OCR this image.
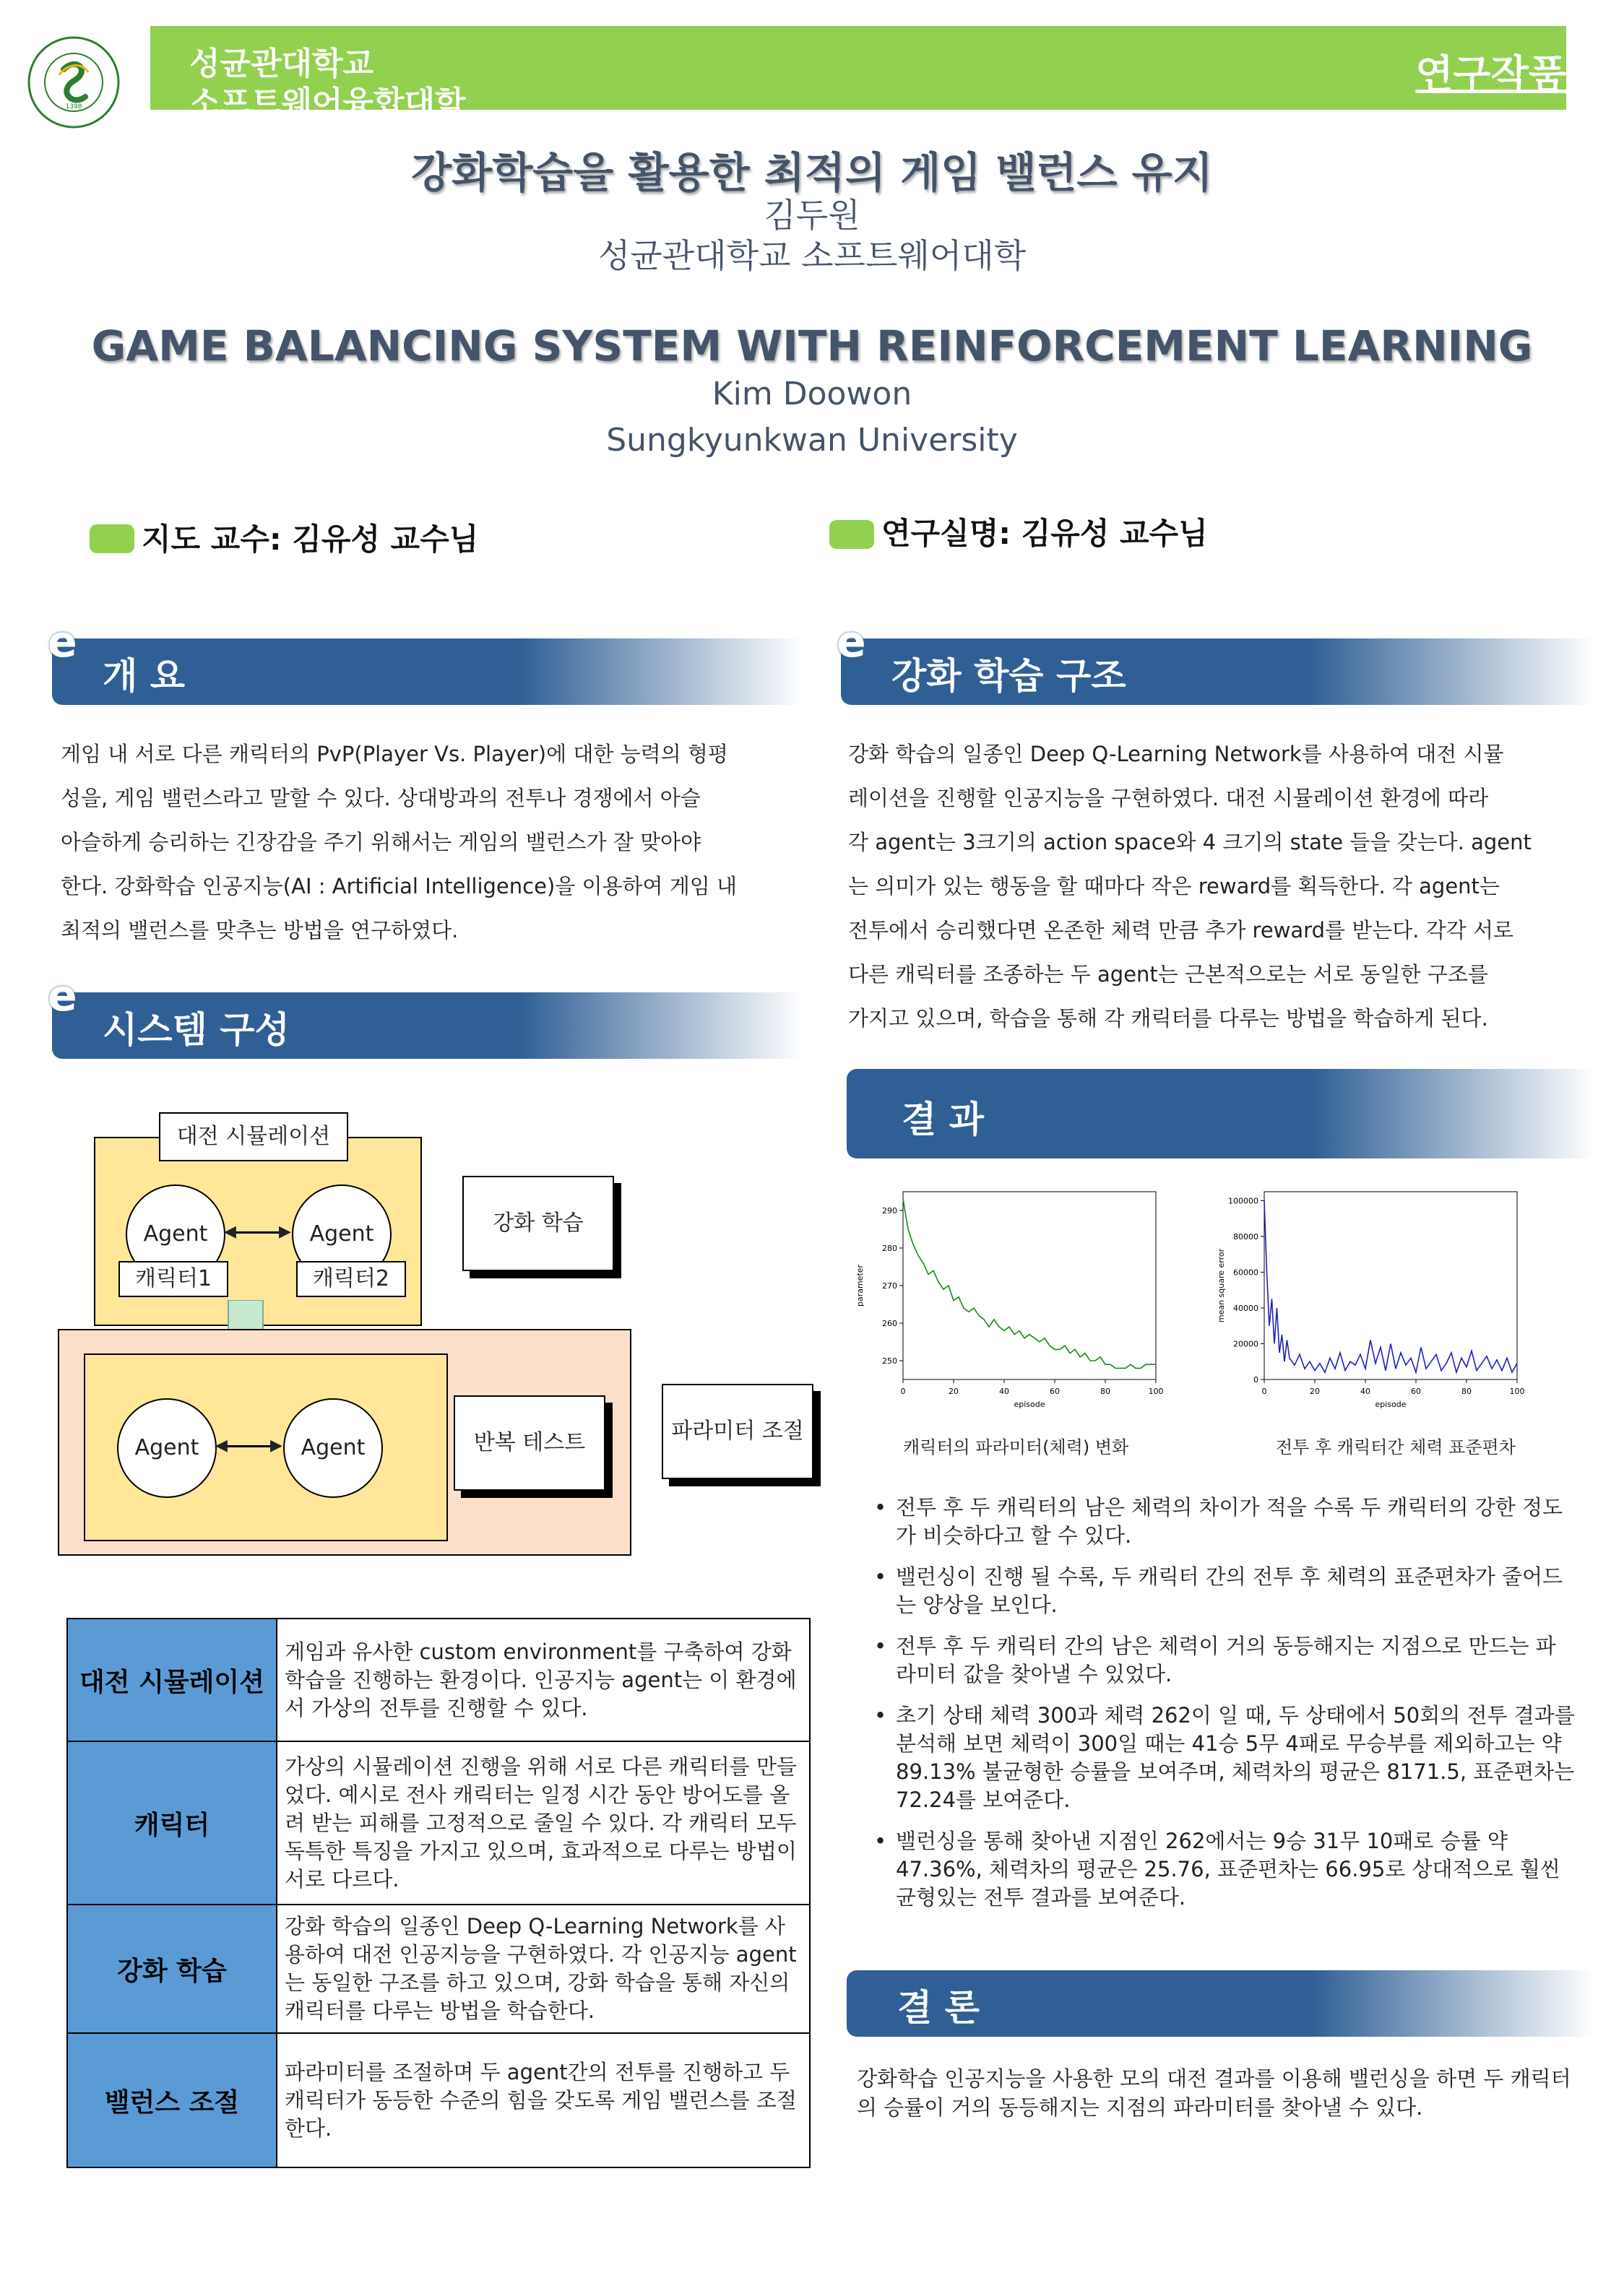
성균관대학교
소프트웨어융합대학
연구작품
1398
강화학습을 활용한 최적의 게임 밸런스 유지
김두원
성균관대학교 소프트웨어대학
GAME BALANCING SYSTEM WITH REINFORCEMENT LEARNING
Kim Doowon
Sungkyunkwan University
지도 교수: 김유성 교수님	연구실명: 김유성 교수님
e
개 요
게임 내 서로 다른 캐릭터의 PvP(Player Vs. Player)에 대한 능력의 형평
성을, 게임 밸런스라고 말할 수 있다. 상대방과의 전투나 경쟁에서 아슬
아슬하게 승리하는 긴장감을 주기 위해서는 게임의 밸런스가 잘 맞아야
한다. 강화학습 인공지능(AI : Artificial Intelligence)을 이용하여 게임 내
최적의 밸런스를 맞추는 방법을 연구하였다.
e
시스템 구성
대전 시뮬레이션
Agent	Agent
◀	▶
캐릭터1	캐릭터2
강화 학습
Agent	Agent
◀	▶	반복 테스트	파라미터 조절
대전 시뮬레이션	게임과 유사한 custom environment를 구축하여 강화학습을 진행하는 환경이다. 인공지능 agent는 이 환경에서 가상의 전투를 진행할 수 있다.
캐릭터	가상의 시뮬레이션 진행을 위해 서로 다른 캐릭터를 만들었다. 예시로 전사 캐릭터는 일정 시간 동안 방어도를 올려 받는 피해를 고정적으로 줄일 수 있다. 각 캐릭터 모두 독특한 특징을 가지고 있으며, 효과적으로 다루는 방법이 서로 다르다.
강화 학습	강화 학습의 일종인 Deep Q-Learning Network를 사용하여 대전 인공지능을 구현하였다. 각 인공지능 agent는 동일한 구조를 하고 있으며, 강화 학습을 통해 자신의 캐릭터를 다루는 방법을 학습한다.
밸런스 조절	파라미터를 조절하며 두 agent간의 전투를 진행하고 두 캐릭터가 동등한 수준의 힘을 갖도록 게임 밸런스를 조절한다.
e
강화 학습 구조
강화 학습의 일종인 Deep Q-Learning Network를 사용하여 대전 시뮬
레이션을 진행할 인공지능을 구현하였다. 대전 시뮬레이션 환경에 따라
각 agent는 3크기의 action space와 4 크기의 state 들을 갖는다. agent
는 의미가 있는 행동을 할 때마다 작은 reward를 획득한다. 각 agent는
전투에서 승리했다면 온존한 체력 만큼 추가 reward를 받는다. 각각 서로
다른 캐릭터를 조종하는 두 agent는 근본적으로는 서로 동일한 구조를
가지고 있으며, 학습을 통해 각 캐릭터를 다루는 방법을 학습하게 된다.
결 과
0	20	40	60	80	100
250
260
270
280
290
episode
parameter
0	20	40	60	80	100
0
20000
40000
60000
80000
100000
episode
mean square error
캐릭터의 파라미터(체력) 변화	전투 후 캐릭터간 체력 표준편차
• 전투 후 두 캐릭터의 남은 체력의 차이가 적을 수록 두 캐릭터의 강한 정도가 비슷하다고 할 수 있다.
• 밸런싱이 진행 될 수록, 두 캐릭터 간의 전투 후 체력의 표준편차가 줄어드는 양상을 보인다.
• 전투 후 두 캐릭터 간의 남은 체력이 거의 동등해지는 지점으로 만드는 파라미터 값을 찾아낼 수 있었다.
• 초기 상태 체력 300과 체력 262이 일 때, 두 상태에서 50회의 전투 결과를 분석해 보면 체력이 300일 때는 41승 5무 4패로 무승부를 제외하고는 약 89.13% 불균형한 승률을 보여주며, 체력차의 평균은 8171.5, 표준편차는 72.24를 보여준다.
• 밸런싱을 통해 찾아낸 지점인 262에서는 9승 31무 10패로 승률 약 47.36%, 체력차의 평균은 25.76, 표준편차는 66.95로 상대적으로 훨씬 균형있는 전투 결과를 보여준다.
결 론
강화학습 인공지능을 사용한 모의 대전 결과를 이용해 밸런싱을 하면 두 캐릭터의 승률이 거의 동등해지는 지점의 파라미터를 찾아낼 수 있다.
